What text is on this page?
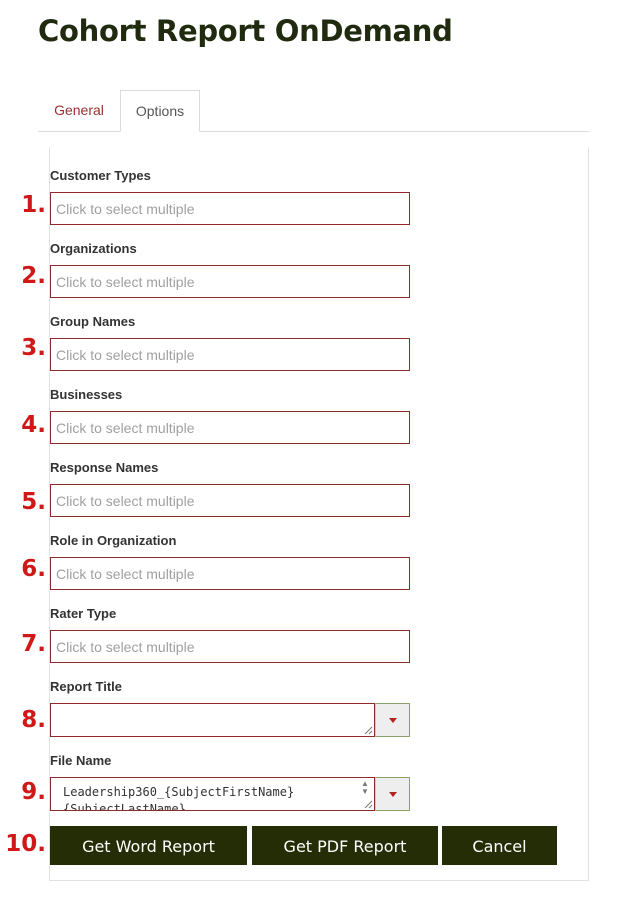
Cohort Report OnDemand
General	Options
Customer Types
1.
Click to select multiple
Organizations
2.
Click to select multiple
Group Names
3.
Click to select multiple
Businesses
4.
Click to select multiple
Response Names
5.
Click to select multiple
Role in Organization
6.
Click to select multiple
Rater Type
7.
Click to select multiple
Report Title
8.
File Name
9.
Leadership360_{SubjectFirstName} {SubjectLastName}	▲
▼
10.	Get Word Report	Get PDF Report	Cancel
